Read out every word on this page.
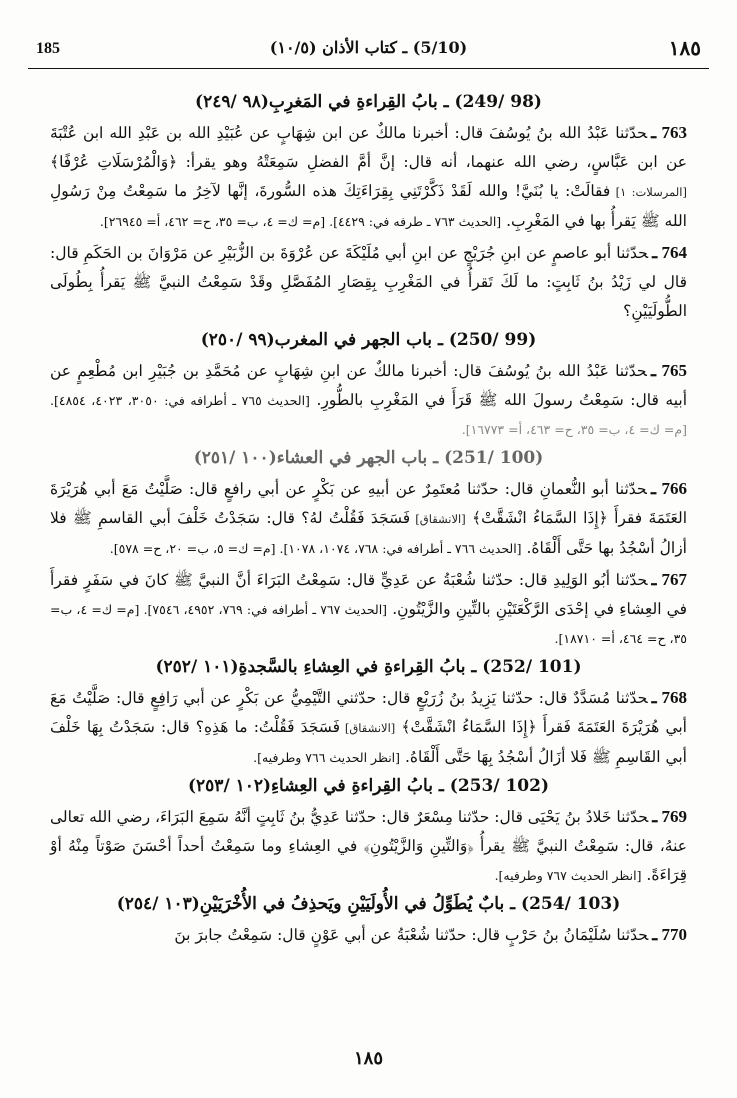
185	(5/10) ـ كتاب الأذان (١٠/٥)	١٨٥
(98 /249) ـ بابُ القِراءةِ في المَغرِبِ(٩٨ /٢٤٩)

763 ـحدّثنا عَبْدُ الله بنُ يُوسُفَ قال: أخبرنا مالكٌ عن ابن شِهَابٍ عن عُبَيْدِ الله بن عَبْدِ الله ابن عُتْبَةَ عن ابن عَبَّاسٍ، رضي الله عنهما، أنه قال: إنَّ أمَّ الفضلِ سَمِعَتْهُ وهو يقرأ: ﴿وَالْمُرْسَلَاتِ عُرْفًا﴾ [المرسلات: ١] فقالَتْ: يا بُنَيَّ! والله لَقَدْ ذَكَّرْتَنِي بِقِرَاءَتِكَ هذه السُّورةَ، إنَّها لآخِرُ ما سَمِعْتُ مِنْ رَسُولِ الله ﷺ يَقرأُ بها في المَغْرِبِ. [الحديث ٧٦٣ ـ طرفه في: ٤٤٢٩]. [م= ك= ٤، ب= ٣٥، ح= ٤٦٢، أ= ٢٦٩٤٥].

764 ـحدّثنا أبو عاصمٍ عن ابنِ جُرَيْجٍ عن ابنِ أبي مُلَيْكَةَ عن عُرْوَةَ بن الزُّبَيْرِ عن مَرْوَانَ بن الحَكَمِ قال: قال لي زَيْدُ بنُ ثَابِتٍ: ما لَكَ تَقرأُ في المَغْرِبِ بِقِصَارِ المُفَصَّلِ وقَدْ سَمِعْتُ النبيَّ ﷺ يَقرأُ بِطُولَى الطُّولَيَيْنِ؟

(99 /250) ـ باب الجهر في المغرب(٩٩ /٢٥٠)

765 ـحدّثنا عَبْدُ الله بنُ يُوسُفَ قال: أخبرنا مالكٌ عن ابنِ شِهَابٍ عن مُحَمَّدِ بن جُبَيْرِ ابن مُطْعِمٍ عن أبيه قال: سَمِعْتُ رسولَ الله ﷺ قَرَأَ في المَغْرِبِ بالطُّورِ. [الحديث ٧٦٥ ـ أطرافه في: ٣٠٥٠، ٤٠٢٣، ٤٨٥٤]. [م= ك= ٤، ب= ٣٥، ح= ٤٦٣، أ= ١٦٧٧٣].

(100 /251) ـ باب الجهر في العشاء(١٠٠ /٢٥١)

766 ـحدّثنا أبو النُّعمانِ قال: حدّثنا مُعتَمِرٌ عن أبيهِ عن بَكْرٍ عن أبي رافعٍ قال: صَلَّيْتُ مَعَ أبي هُرَيْرَةَ العَتَمَةَ فقرأَ ﴿إِذَا السَّمَاءُ انْشَقَّتْ﴾ [الانشقاق] فَسَجَدَ فَقُلْتُ لهُ؟ قال: سَجَدْتُ خَلْفَ أبي القاسمِ ﷺ فلا أزالُ أسْجُدُ بها حَتَّى أَلْقَاهُ. [الحديث ٧٦٦ ـ أطرافه في: ٧٦٨، ١٠٧٤، ١٠٧٨]. [م= ك= ٥، ب= ٢٠، ح= ٥٧٨].

767 ـحدّثنا أبُو الوَلِيدِ قال: حدّثنا شُعْبَةُ عن عَدِيٍّ قال: سَمِعْتُ البَرَاءَ أنَّ النبيَّ ﷺ كانَ في سَفَرٍ فقرأَ في العِشاءِ في إحْدَى الرَّكْعَتَيْنِ بالتِّينِ والزَّيْتُونِ. [الحديث ٧٦٧ ـ أطرافه في: ٧٦٩، ٤٩٥٢، ٧٥٤٦]. [م= ك= ٤، ب= ٣٥، ح= ٤٦٤، أ= ١٨٧١٠].

(101 /252) ـ بابُ القِراءةِ في العِشاءِ بالسَّجدةِ(١٠١ /٢٥٢)

768 ـحدّثنا مُسَدَّدٌ قال: حدّثنا يَزِيدُ بنُ زُرَيْعٍ قال: حدّثني التَّيْمِيُّ عن بَكْرٍ عن أبي رَافِعٍ قال: صَلَّيْتُ مَعَ أبي هُرَيْرَةَ العَتَمَةَ فَقرأَ ﴿إِذَا السَّمَاءُ انْشَقَّتْ﴾ [الانشقاق] فَسَجَدَ فَقُلْتُ: ما هَذِهِ؟ قال: سَجَدْتُ بِهَا خَلْفَ أبي القَاسِمِ ﷺ فَلا أزَالُ أسْجُدُ بِهَا حَتَّى أَلْقَاهُ. [انظر الحديث ٧٦٦ وطرفيه].

(102 /253) ـ بابُ القِراءةِ في العِشاءِ(١٠٢ /٢٥٣)

769 ـحدّثنا خَلادُ بنُ يَحْيَى قال: حدّثنا مِسْعَرٌ قال: حدّثنا عَدِيُّ بنُ ثَابِتٍ أنَّهُ سَمِعَ البَرَاءَ، رضي الله تعالى عنهُ، قال: سَمِعْتُ النبيَّ ﷺ يقرأُ ﴿وَالتِّينِ وَالزَّيْتُونِ﴾ في العِشاءِ وما سَمِعْتُ أحداً أحْسَنَ صَوْتاً مِنْهُ أوْ قِرَاءَةً. [انظر الحديث ٧٦٧ وطرفيه].

(103 /254) ـ بابٌ يُطَوِّلُ في الأُولَيَيْنِ ويَحذِفُ في الأُخْرَيَيْنِ(١٠٣ /٢٥٤)

770 ـحدّثنا سُلَيْمَانُ بنُ حَرْبٍ قال: حدّثنا شُعْبَةُ عن أبي عَوْنٍ قال: سَمِعْتُ جابرَ بنَ

١٨٥
